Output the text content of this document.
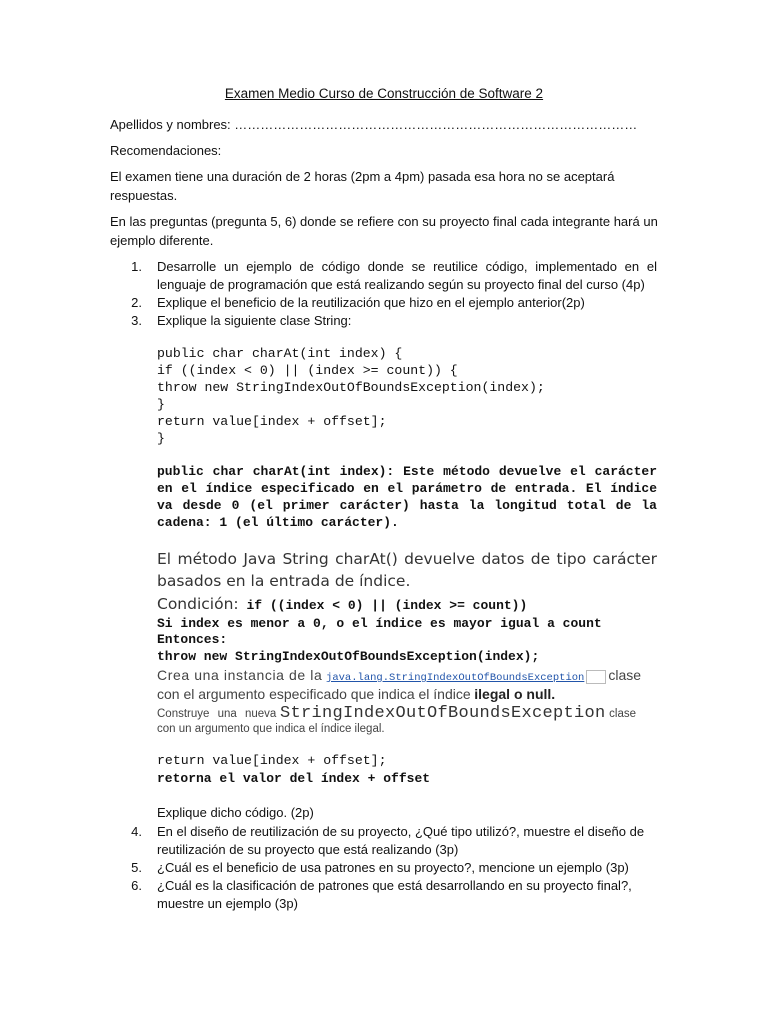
Examen Medio Curso de Construcción de Software 2
Apellidos y nombres: …………………………………………………………………………………
Recomendaciones:
El examen tiene una duración de 2 horas (2pm a 4pm) pasada esa hora no se aceptará
respuestas.
En las preguntas (pregunta 5, 6) donde se refiere con su proyecto final cada integrante hará un
ejemplo diferente.
1. Desarrolle un ejemplo de código donde se reutilice código, implementado en el
lenguaje de programación que está realizando según su proyecto final del curso (4p)
2. Explique el beneficio de la reutilización que hizo en el ejemplo anterior(2p)
3. Explique la siguiente clase String:
public char charAt(int index) {
if ((index < 0) || (index >= count)) {
throw new StringIndexOutOfBoundsException(index);
}
return value[index + offset];
}
public char charAt(int index): Este método devuelve el carácter
en el índice especificado en el parámetro de entrada. El índice
va desde 0 (el primer carácter) hasta la longitud total de la
cadena: 1 (el último carácter).
El método Java String charAt() devuelve datos de tipo carácter
basados en la entrada de índice.
Condición: if ((index < 0) || (index >= count))
Si index es menor a 0, o el índice es mayor igual a count
Entonces:
throw new StringIndexOutOfBoundsException(index);
Crea una instancia de la java.lang.StringIndexOutOfBoundsException clase
con el argumento especificado que indica el índice ilegal o null.
Construye una nueva StringIndexOutOfBoundsException clase
con un argumento que indica el índice ilegal.
return value[index + offset];
retorna el valor del índex + offset
Explique dicho código. (2p)
4. En el diseño de reutilización de su proyecto, ¿Qué tipo utilizó?, muestre el diseño de
reutilización de su proyecto que está realizando (3p)
5. ¿Cuál es el beneficio de usa patrones en su proyecto?, mencione un ejemplo (3p)
6. ¿Cuál es la clasificación de patrones que está desarrollando en su proyecto final?,
muestre un ejemplo (3p)
